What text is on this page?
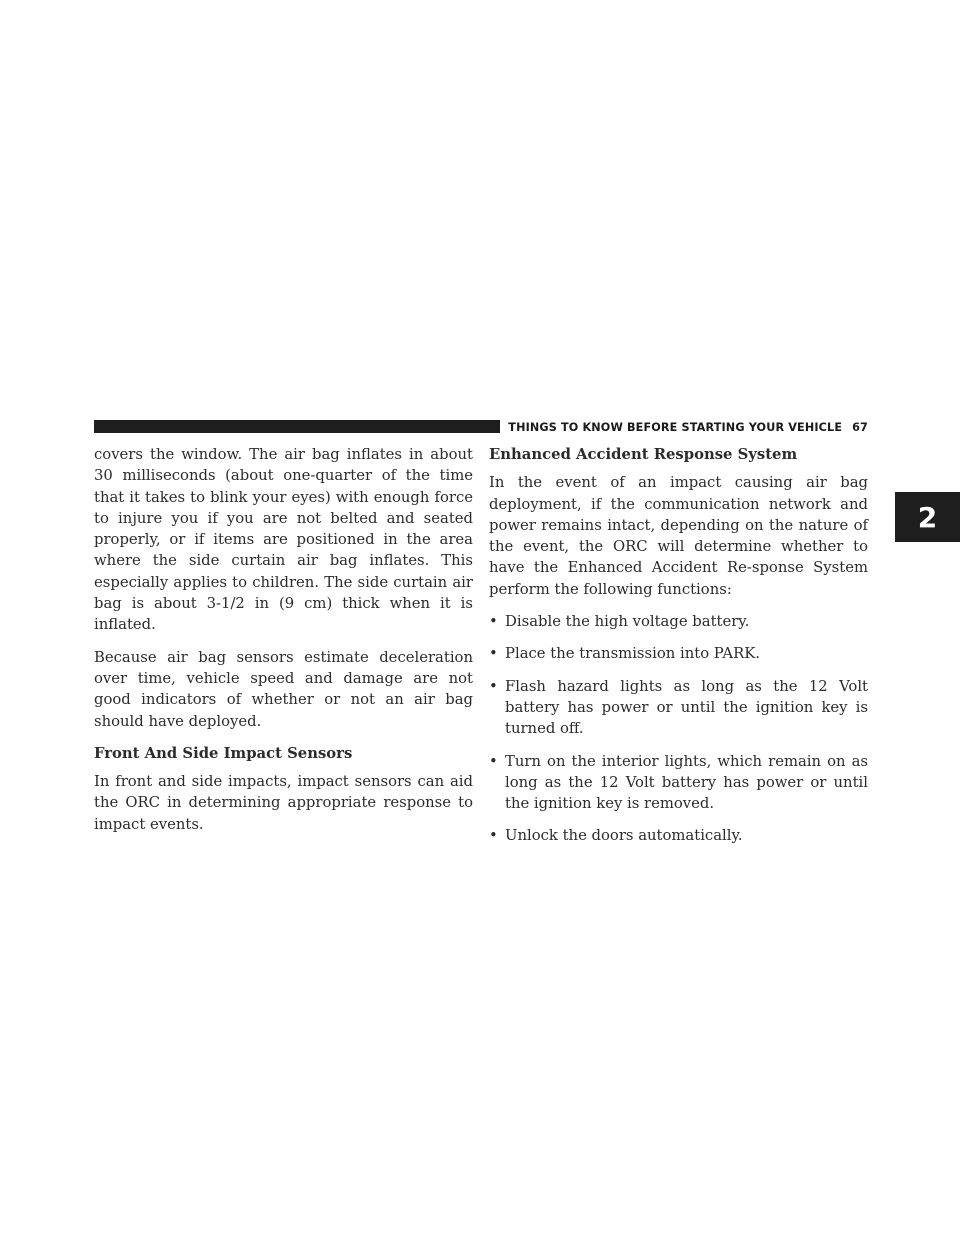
THINGS TO KNOW BEFORE STARTING YOUR VEHICLE 67
2

covers the window. The air bag inflates in about 30 milliseconds (about one-quarter of the time that it takes to blink your eyes) with enough force to injure you if you are not belted and seated properly, or if items are positioned in the area where the side curtain air bag inflates. This especially applies to children. The side curtain air bag is about 3-1/2 in (9 cm) thick when it is inflated.

Because air bag sensors estimate deceleration over time, vehicle speed and damage are not good indicators of whether or not an air bag should have deployed.

Front And Side Impact Sensors

In front and side impacts, impact sensors can aid the ORC in determining appropriate response to impact events.

Enhanced Accident Response System

In the event of an impact causing air bag deployment, if the communication network and power remains intact, depending on the nature of the event, the ORC will determine whether to have the Enhanced Accident Re-sponse System perform the following functions:

• Disable the high voltage battery.
• Place the transmission into PARK.
• Flash hazard lights as long as the 12 Volt battery has power or until the ignition key is turned off.
• Turn on the interior lights, which remain on as long as the 12 Volt battery has power or until the ignition key is removed.
• Unlock the doors automatically.
